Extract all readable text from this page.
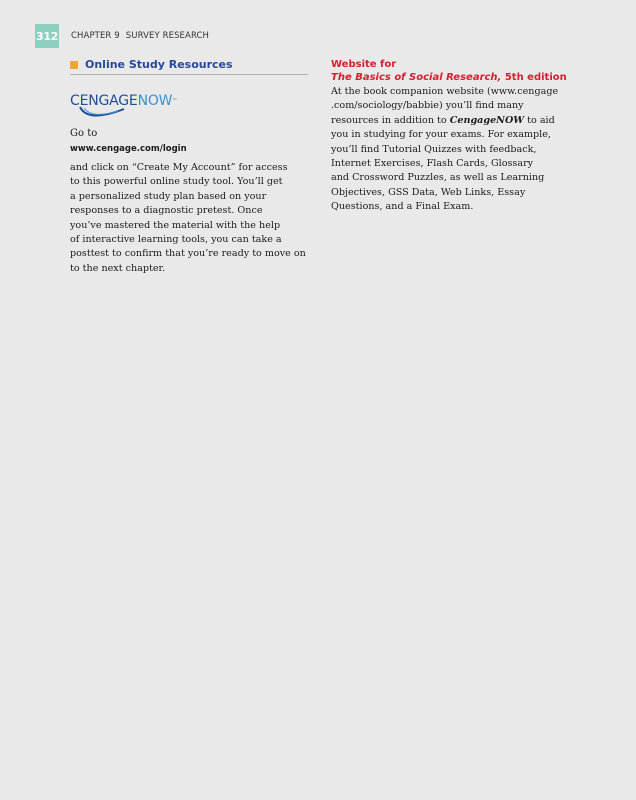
312 CHAPTER 9 SURVEY RESEARCH
Online Study Resources
CENGAGENOW™
Go to
www.cengage.com/login
and click on “Create My Account” for access
to this powerful online study tool. You’ll get
a personalized study plan based on your
responses to a diagnostic pretest. Once
you’ve mastered the material with the help
of interactive learning tools, you can take a
posttest to confirm that you’re ready to move on
to the next chapter.
Website for
The Basics of Social Research, 5th edition
At the book companion website (www.cengage
.com/sociology/babbie) you’ll find many
resources in addition to CengageNOW to aid
you in studying for your exams. For example,
you’ll find Tutorial Quizzes with feedback,
Internet Exercises, Flash Cards, Glossary
and Crossword Puzzles, as well as Learning
Objectives, GSS Data, Web Links, Essay
Questions, and a Final Exam.
